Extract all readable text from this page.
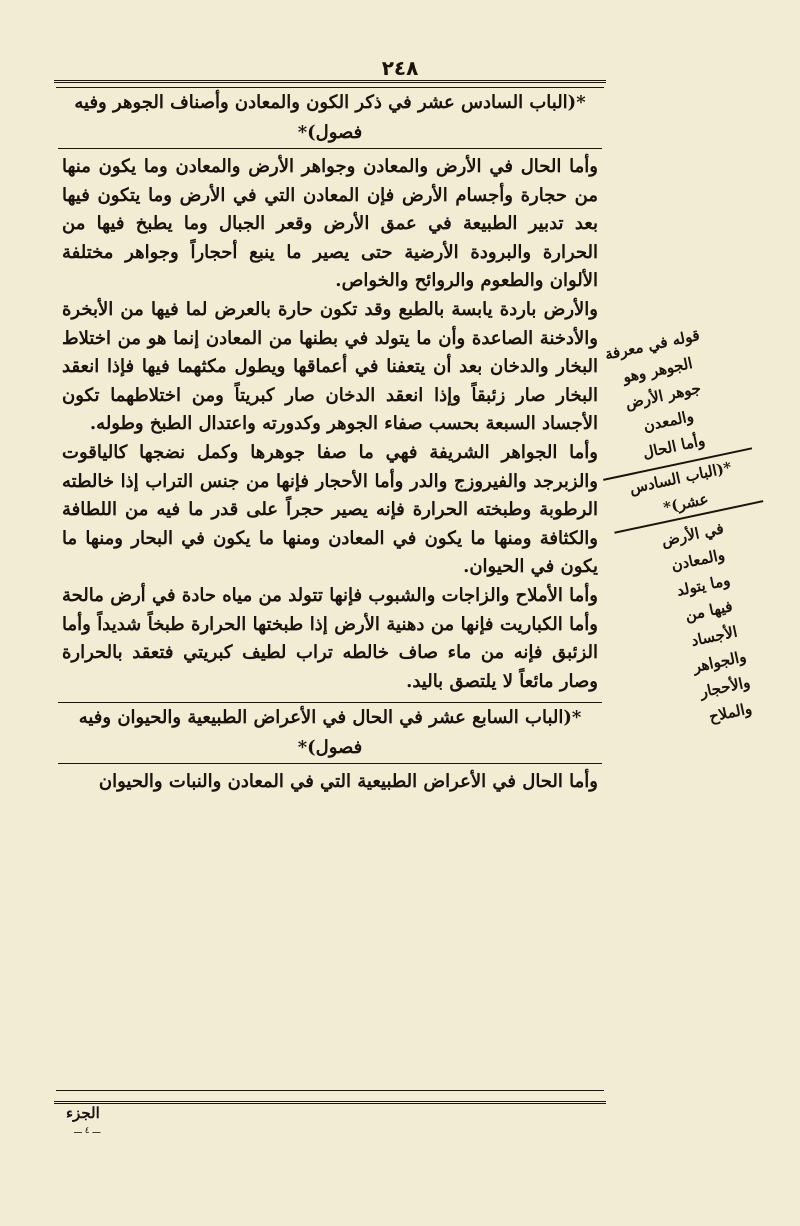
٢٤٨
*(الباب السادس عشر في ذكر الكون والمعادن وأصناف الجوهر وفيه فصول)*
وأما الحال في الأرض والمعادن وجواهر الأرض والمعادن وما يكون منها من حجارة وأجسام الأرض فإن المعادن التي في الأرض وما يتكون فيها بعد تدبير الطبيعة في عمق الأرض وقعر الجبال وما يطبخ فيها من الحرارة والبرودة الأرضية حتى يصير ما ينبع أحجاراً وجواهر مختلفة الألوان والطعوم والروائح والخواص.
والأرض باردة يابسة بالطبع وقد تكون حارة بالعرض لما فيها من الأبخرة والأدخنة الصاعدة وأن ما يتولد في بطنها من المعادن إنما هو من اختلاط البخار والدخان بعد أن يتعفنا في أعماقها ويطول مكثهما فيها فإذا انعقد البخار صار زئبقاً وإذا انعقد الدخان صار كبريتاً ومن اختلاطهما تكون الأجساد السبعة بحسب صفاء الجوهر وكدورته واعتدال الطبخ وطوله.
وأما الجواهر الشريفة فهي ما صفا جوهرها وكمل نضجها كالياقوت والزبرجد والفيروزج والدر وأما الأحجار فإنها من جنس التراب إذا خالطته الرطوبة وطبخته الحرارة فإنه يصير حجراً على قدر ما فيه من اللطافة والكثافة ومنها ما يكون في المعادن ومنها ما يكون في البحار ومنها ما يكون في الحيوان.
وأما الأملاح والزاجات والشبوب فإنها تتولد من مياه حادة في أرض مالحة وأما الكباريت فإنها من دهنية الأرض إذا طبختها الحرارة طبخاً شديداً وأما الزئبق فإنه من ماء صاف خالطه تراب لطيف كبريتي فتعقد بالحرارة وصار مائعاً لا يلتصق باليد.
*(الباب السابع عشر في الحال في الأعراض الطبيعية والحيوان وفيه فصول)*
وأما الحال في الأعراض الطبيعية التي في المعادن والنبات والحيوان
قوله في معرفة
الجوهر وهو
جوهر الأرض
والمعدن
وأما الحال
*(الباب السادس عشر)*
في الأرض
والمعادن
وما يتولد
فيها من
الأجساد
والجواهر
والأحجار
والملاح
الجزء
ـــ ٤ ـــ
